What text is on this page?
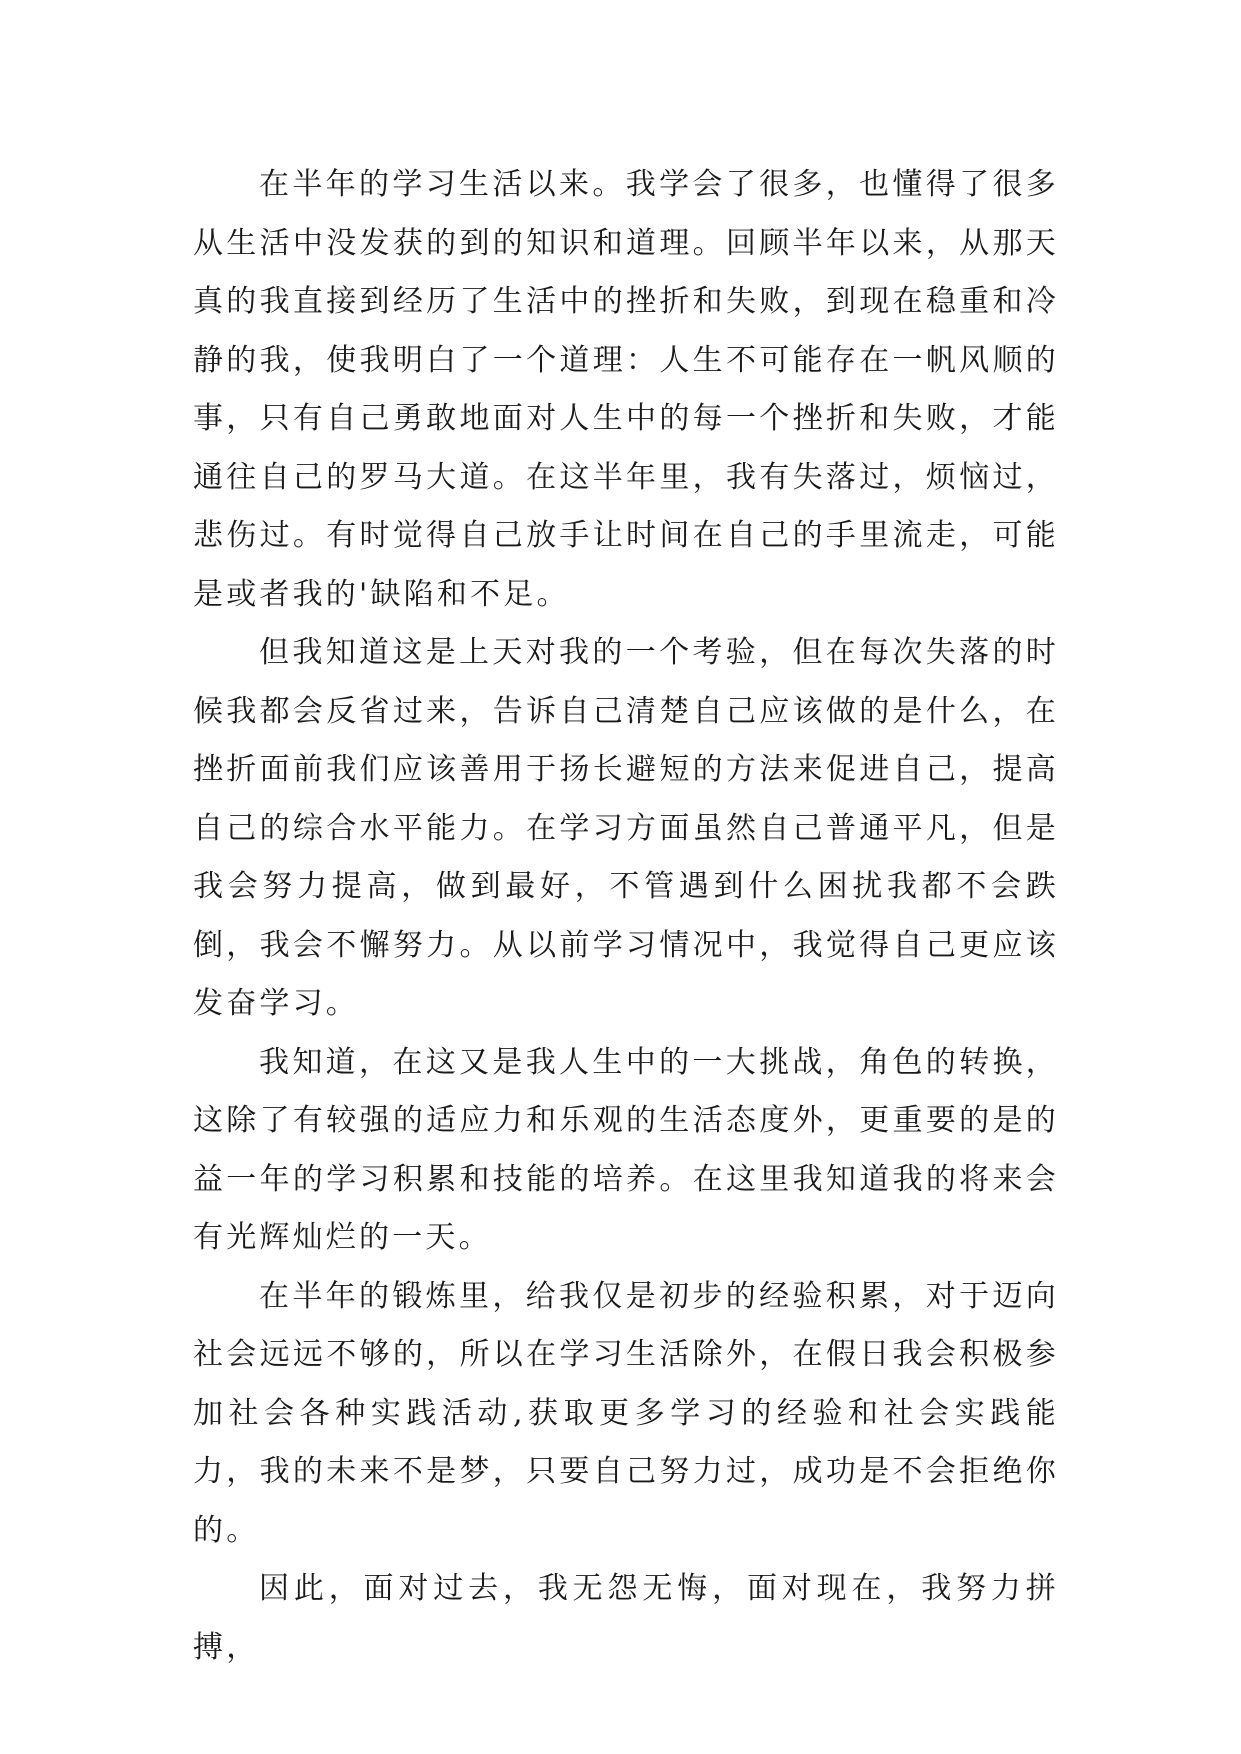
在半年的学习生活以来。我学会了很多，也懂得了很多从生活中没发获的到的知识和道理。回顾半年以来，从那天真的我直接到经历了生活中的挫折和失败，到现在稳重和冷静的我，使我明白了一个道理：人生不可能存在一帆风顺的事，只有自己勇敢地面对人生中的每一个挫折和失败，才能通往自己的罗马大道。在这半年里，我有失落过，烦恼过，悲伤过。有时觉得自己放手让时间在自己的手里流走，可能是或者我的'缺陷和不足。

但我知道这是上天对我的一个考验，但在每次失落的时候我都会反省过来，告诉自己清楚自己应该做的是什么，在挫折面前我们应该善用于扬长避短的方法来促进自己，提高自己的综合水平能力。在学习方面虽然自己普通平凡，但是我会努力提高，做到最好，不管遇到什么困扰我都不会跌倒，我会不懈努力。从以前学习情况中，我觉得自己更应该发奋学习。

我知道，在这又是我人生中的一大挑战，角色的转换，这除了有较强的适应力和乐观的生活态度外，更重要的是的益一年的学习积累和技能的培养。在这里我知道我的将来会有光辉灿烂的一天。

在半年的锻炼里，给我仅是初步的经验积累，对于迈向社会远远不够的，所以在学习生活除外，在假日我会积极参加社会各种实践活动,获取更多学习的经验和社会实践能力，我的未来不是梦，只要自己努力过，成功是不会拒绝你的。

因此，面对过去，我无怨无悔，面对现在，我努力拼搏，
